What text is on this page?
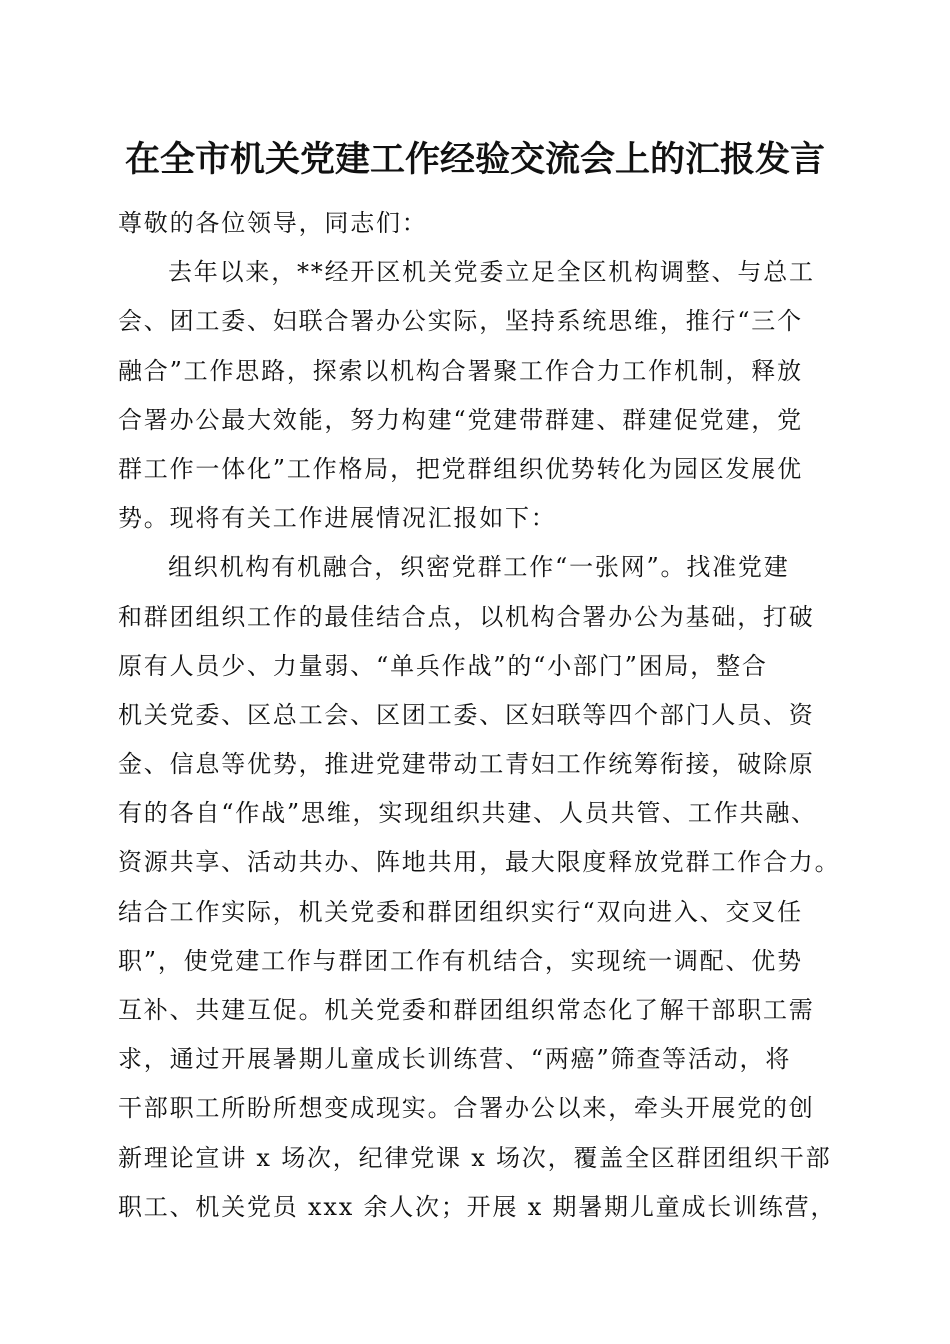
在全市机关党建工作经验交流会上的汇报发言
尊敬的各位领导，同志们：
去年以来，**经开区机关党委立足全区机构调整、与总工
会、团工委、妇联合署办公实际，坚持系统思维，推行“三个
融合”工作思路，探索以机构合署聚工作合力工作机制，释放
合署办公最大效能，努力构建“党建带群建、群建促党建，党
群工作一体化”工作格局，把党群组织优势转化为园区发展优
势。现将有关工作进展情况汇报如下：
组织机构有机融合，织密党群工作“一张网”。找准党建
和群团组织工作的最佳结合点，以机构合署办公为基础，打破
原有人员少、力量弱、“单兵作战”的“小部门”困局，整合
机关党委、区总工会、区团工委、区妇联等四个部门人员、资
金、信息等优势，推进党建带动工青妇工作统筹衔接，破除原
有的各自“作战”思维，实现组织共建、人员共管、工作共融、
资源共享、活动共办、阵地共用，最大限度释放党群工作合力。
结合工作实际，机关党委和群团组织实行“双向进入、交叉任
职”，使党建工作与群团工作有机结合，实现统一调配、优势
互补、共建互促。机关党委和群团组织常态化了解干部职工需
求，通过开展暑期儿童成长训练营、“两癌”筛查等活动，将
干部职工所盼所想变成现实。合署办公以来，牵头开展党的创
新理论宣讲 x 场次，纪律党课 x 场次，覆盖全区群团组织干部
职工、机关党员 xxx 余人次；开展 x 期暑期儿童成长训练营，
